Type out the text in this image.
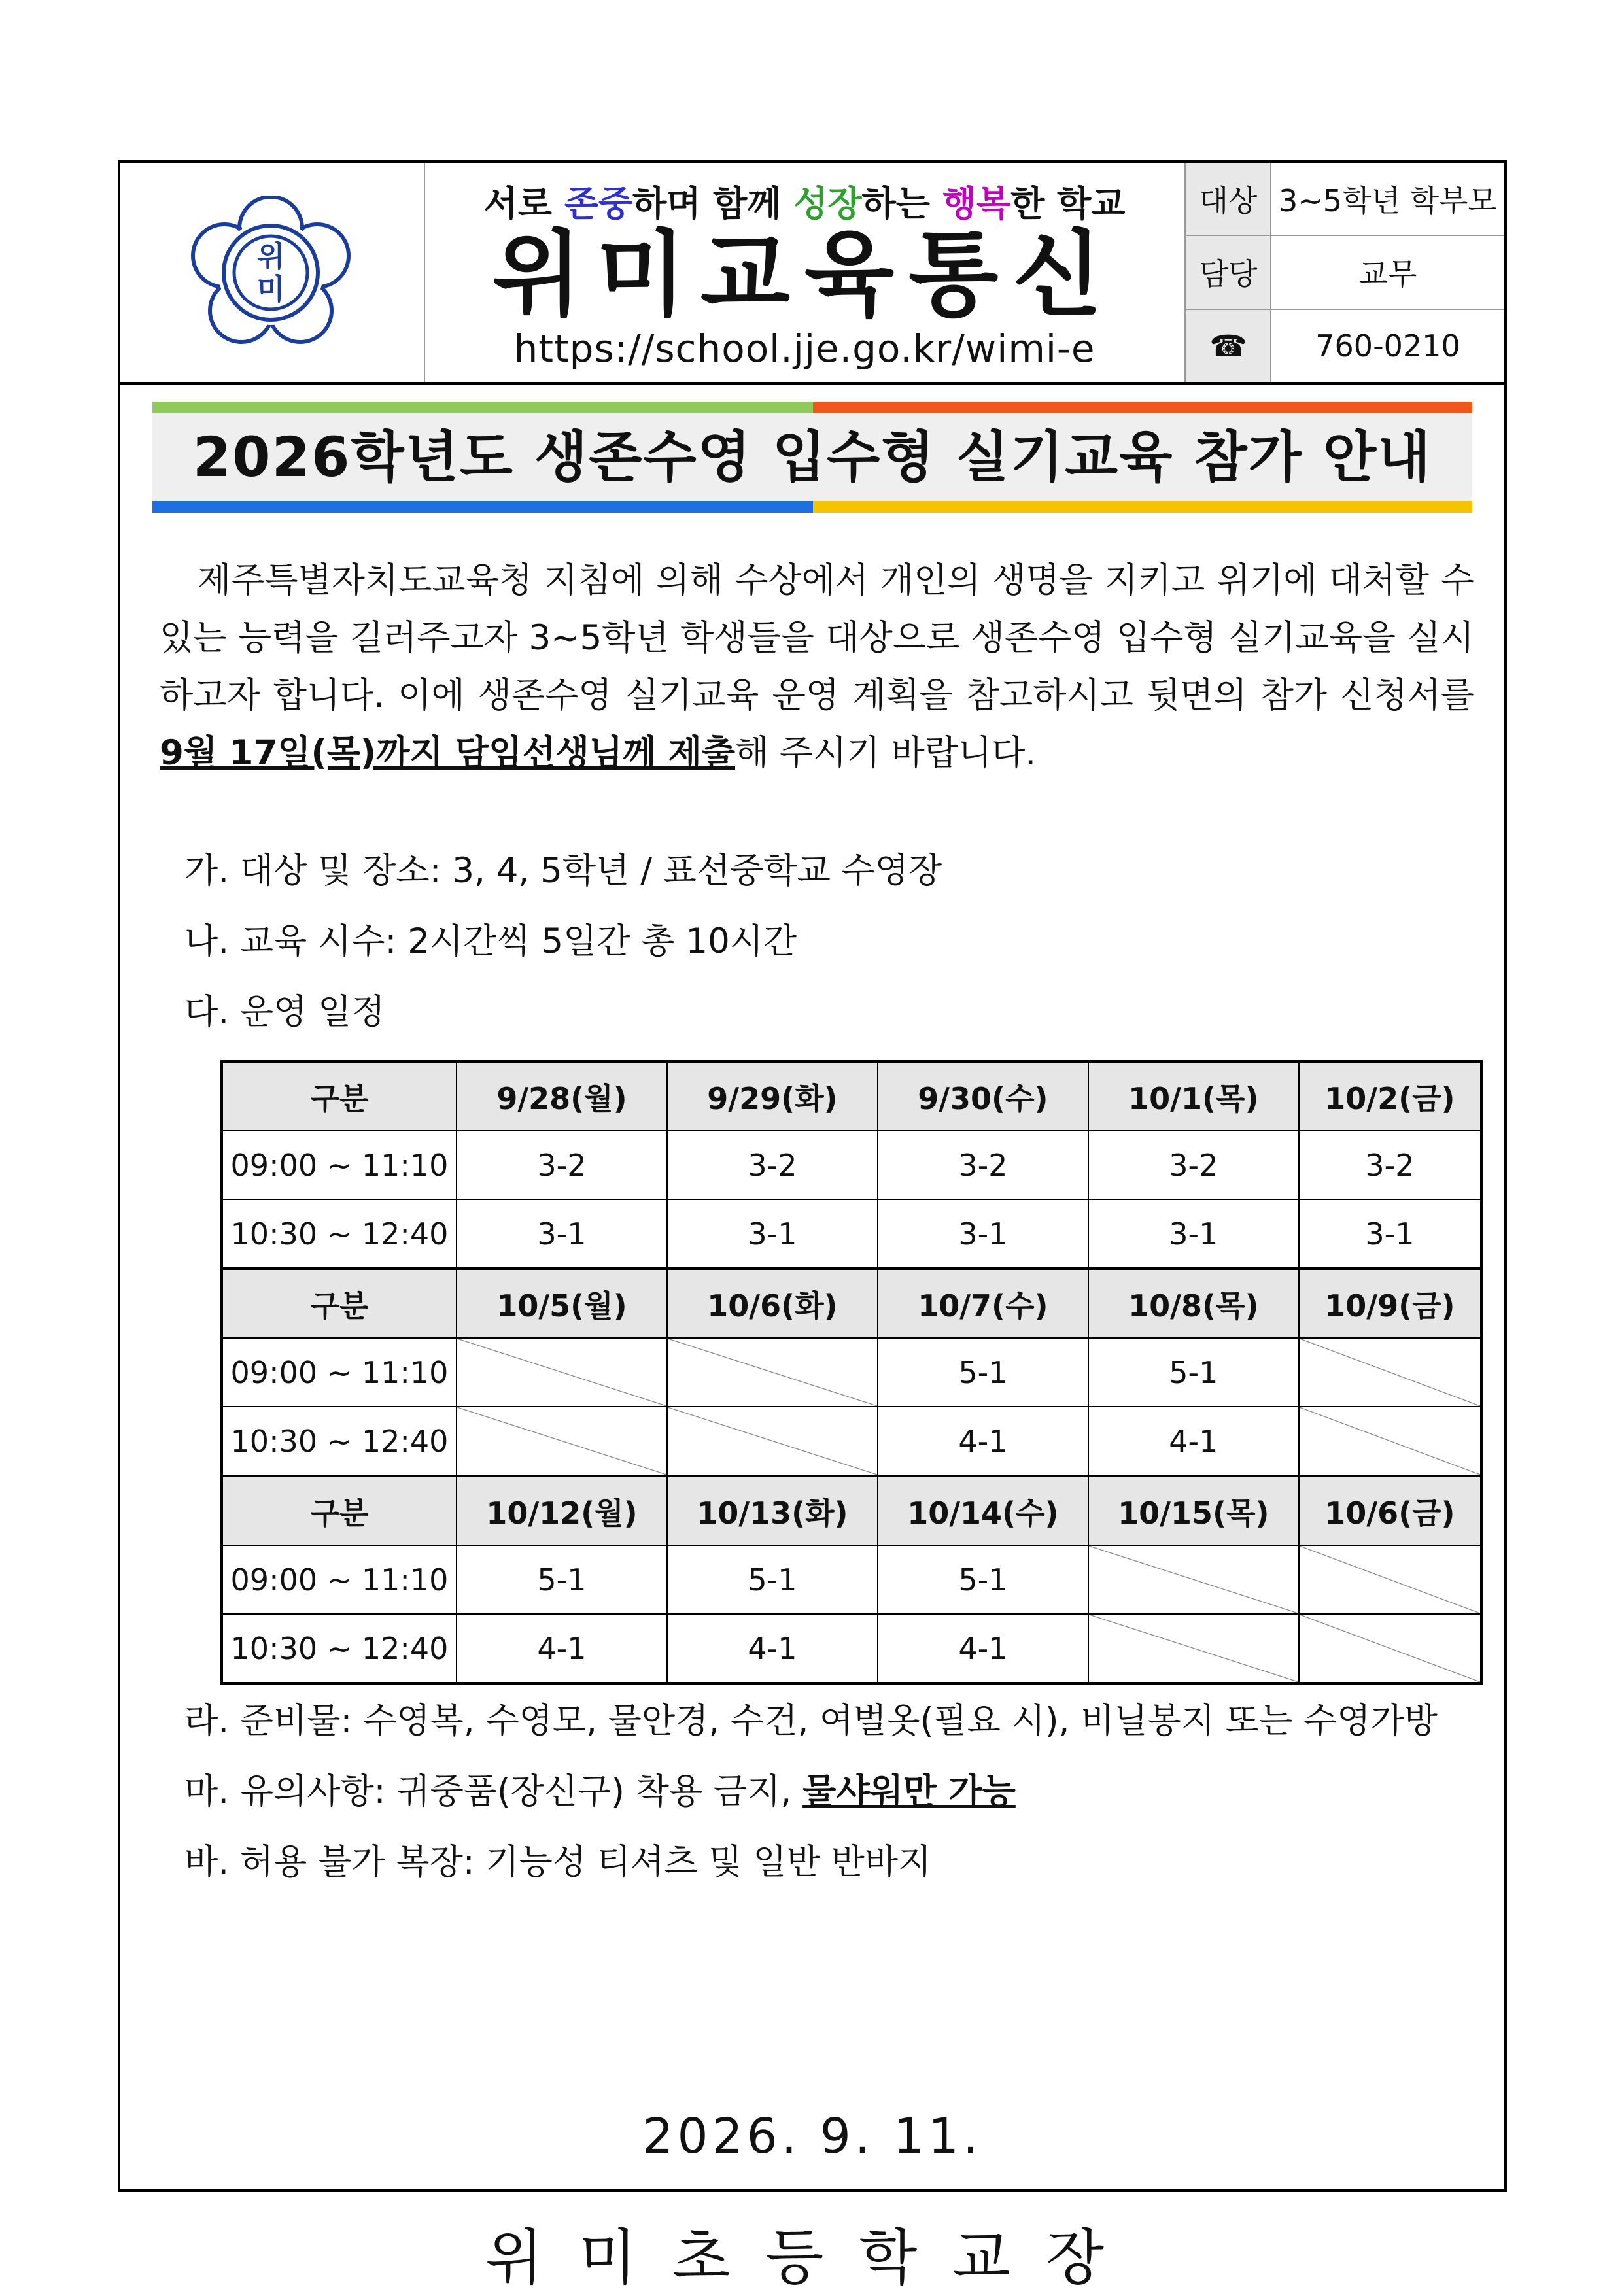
위
미
서로 존중하며 함께 성장하는 행복한 학교
위미교육통신
https://school.jje.go.kr/wimi-e
대상	3~5학년 학부모
담당	교무
☎	760-0210
2026학년도 생존수영 입수형 실기교육 참가 안내

제주특별자치도교육청 지침에 의해 수상에서 개인의 생명을 지키고 위기에 대처할 수 있는 능력을 길러주고자 3~5학년 학생들을 대상으로 생존수영 입수형 실기교육을 실시하고자 합니다. 이에 생존수영 실기교육 운영 계획을 참고하시고 뒷면의 참가 신청서를 9월 17일(목)까지 담임선생님께 제출해 주시기 바랍니다.

가. 대상 및 장소: 3, 4, 5학년 / 표선중학교 수영장
나. 교육 시수: 2시간씩 5일간 총 10시간
다. 운영 일정
구분	9/28(월)	9/29(화)	9/30(수)	10/1(목)	10/2(금)
09:00 ~ 11:10	3-2	3-2	3-2	3-2	3-2
10:30 ~ 12:40	3-1	3-1	3-1	3-1	3-1
구분	10/5(월)	10/6(화)	10/7(수)	10/8(목)	10/9(금)
09:00 ~ 11:10			5-1	5-1	
10:30 ~ 12:40			4-1	4-1	
구분	10/12(월)	10/13(화)	10/14(수)	10/15(목)	10/6(금)
09:00 ~ 11:10	5-1	5-1	5-1		
10:30 ~ 12:40	4-1	4-1	4-1		
라. 준비물: 수영복, 수영모, 물안경, 수건, 여벌옷(필요 시), 비닐봉지 또는 수영가방
마. 유의사항: 귀중품(장신구) 착용 금지, 물샤워만 가능
바. 허용 불가 복장: 기능성 티셔츠 및 일반 반바지
2026. 9. 11.
위미초등학교장
